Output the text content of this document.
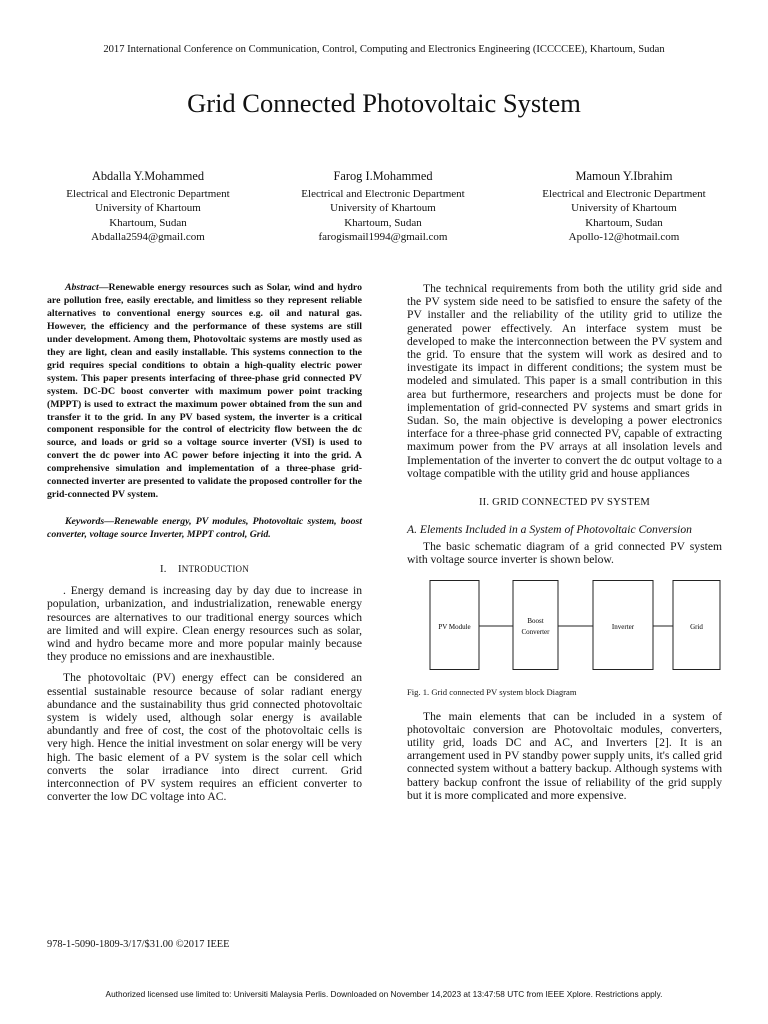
2017 International Conference on Communication, Control, Computing and Electronics Engineering (ICCCCEE), Khartoum, Sudan
Grid Connected Photovoltaic System
Abdalla Y.Mohammed
Electrical and Electronic Department
University of Khartoum
Khartoum, Sudan
Abdalla2594@gmail.com
Farog I.Mohammed
Electrical and Electronic Department
University of Khartoum
Khartoum, Sudan
farogismail1994@gmail.com
Mamoun Y.Ibrahim
Electrical and Electronic Department
University of Khartoum
Khartoum, Sudan
Apollo-12@hotmail.com

Abstract—Renewable energy resources such as Solar, wind and hydro are pollution free, easily erectable, and limitless so they represent reliable alternatives to conventional energy sources e.g. oil and natural gas. However, the efficiency and the performance of these systems are still under development. Among them, Photovoltaic systems are mostly used as they are light, clean and easily installable. This systems connection to the grid requires special conditions to obtain a high-quality electric power system. This paper presents interfacing of three-phase grid connected PV system. DC-DC boost converter with maximum power point tracking (MPPT) is used to extract the maximum power obtained from the sun and transfer it to the grid. In any PV based system, the inverter is a critical component responsible for the control of electricity flow between the dc source, and loads or grid so a voltage source inverter (VSI) is used to convert the dc power into AC power before injecting it into the grid. A comprehensive simulation and implementation of a three-phase grid-connected inverter are presented to validate the proposed controller for the grid-connected PV system.

Keywords—Renewable energy, PV modules, Photovoltaic system, boost converter, voltage source Inverter, MPPT control, Grid.

I. INTRODUCTION

. Energy demand is increasing day by day due to increase in population, urbanization, and industrialization, renewable energy resources are alternatives to our traditional energy sources which are limited and will expire. Clean energy resources such as solar, wind and hydro became more and more popular mainly because they produce no emissions and are inexhaustible.

The photovoltaic (PV) energy effect can be considered an essential sustainable resource because of solar radiant energy abundance and the sustainability thus grid connected photovoltaic system is widely used, although solar energy is available abundantly and free of cost, the cost of the photovoltaic cells is very high. Hence the initial investment on solar energy will be very high. The basic element of a PV system is the solar cell which converts the solar irradiance into direct current. Grid interconnection of PV system requires an efficient converter to converter the low DC voltage into AC.

The technical requirements from both the utility grid side and the PV system side need to be satisfied to ensure the safety of the PV installer and the reliability of the utility grid to utilize the generated power effectively. An interface system must be developed to make the interconnection between the PV system and the grid. To ensure that the system will work as desired and to investigate its impact in different conditions; the system must be modeled and simulated. This paper is a small contribution in this area but furthermore, researchers and projects must be done for implementation of grid-connected PV systems and smart grids in Sudan. So, the main objective is developing a power electronics interface for a three-phase grid connected PV, capable of extracting maximum power from the PV arrays at all insolation levels and Implementation of the inverter to convert the dc output voltage to a voltage compatible with the utility grid and house appliances

II. GRID CONNECTED PV SYSTEM

A. Elements Included in a System of Photovoltaic Conversion

The basic schematic diagram of a grid connected PV system with voltage source inverter is shown below.

PV Module
Boost
Converter
Inverter	Grid

Fig. 1. Grid connected PV system block Diagram

The main elements that can be included in a system of photovoltaic conversion are Photovoltaic modules, converters, utility grid, loads DC and AC, and Inverters [2]. It is an arrangement used in PV standby power supply units, it's called grid connected system without a battery backup. Although systems with battery backup confront the issue of reliability of the grid supply but it is more complicated and more expensive.

978-1-5090-1809-3/17/$31.00 ©2017 IEEE
Authorized licensed use limited to: Universiti Malaysia Perlis. Downloaded on November 14,2023 at 13:47:58 UTC from IEEE Xplore. Restrictions apply.
